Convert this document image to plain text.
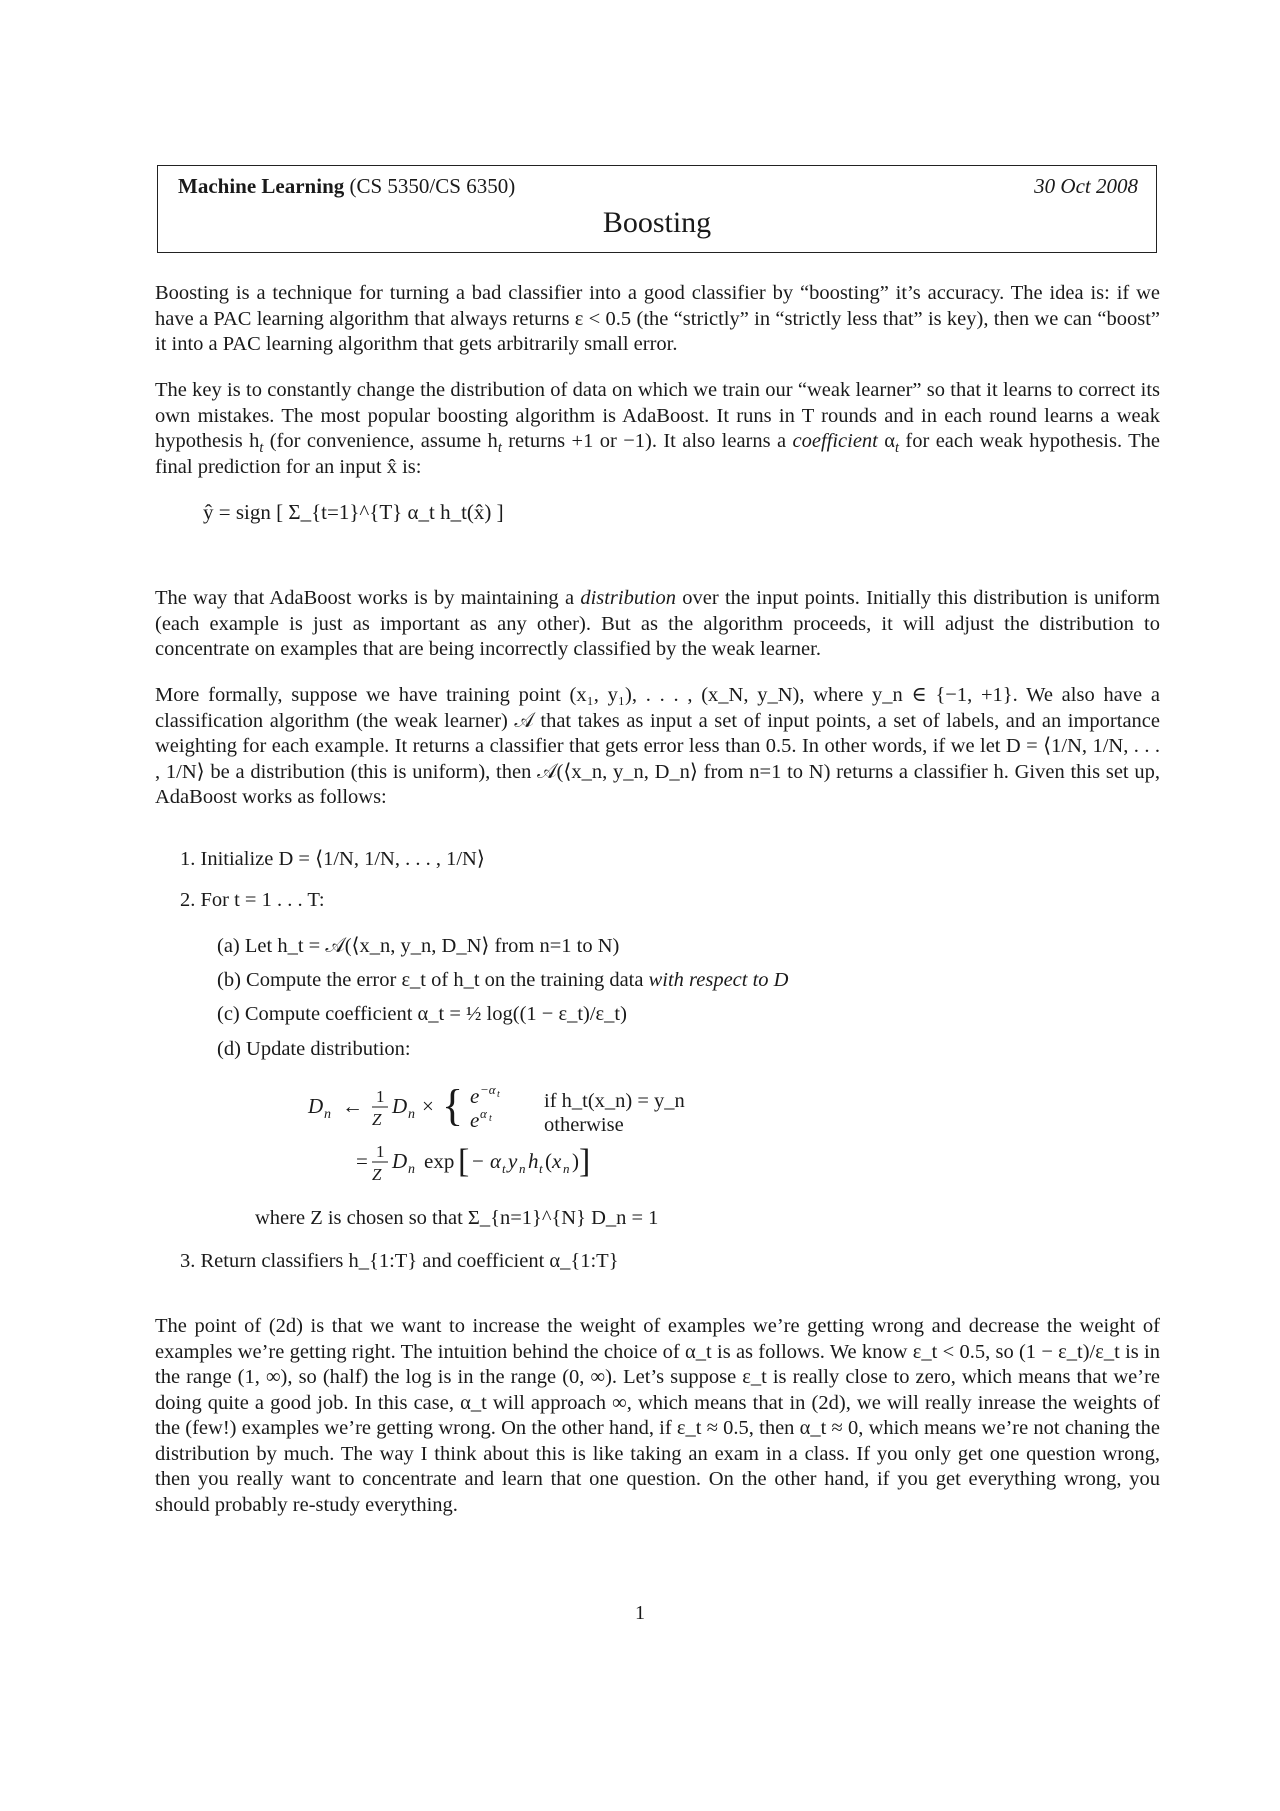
Machine Learning (CS 5350/CS 6350)	30 Oct 2008
Boosting

Boosting is a technique for turning a bad classifier into a good classifier by “boosting” it’s accuracy. The idea is: if we have a PAC learning algorithm that always returns ε < 0.5 (the “strictly” in “strictly less that” is key), then we can “boost” it into a PAC learning algorithm that gets arbitrarily small error.

The key is to constantly change the distribution of data on which we train our “weak learner” so that it learns to correct its own mistakes. The most popular boosting algorithm is AdaBoost. It runs in T rounds and in each round learns a weak hypothesis $h_t$ (for convenience, assume $h_t$ returns +1 or −1). It also learns a coefficient $\alpha_t$ for each weak hypothesis. The final prediction for an input x̂ is:

ŷ = sign [ Σ_{t=1}^{T} α_t h_t(x̂) ]

The way that AdaBoost works is by maintaining a distribution over the input points. Initially this distribution is uniform (each example is just as important as any other). But as the algorithm proceeds, it will adjust the distribution to concentrate on examples that are being incorrectly classified by the weak learner.

More formally, suppose we have training point (x₁, y₁), . . . , (x_N, y_N), where y_n ∈ {−1, +1}. We also have a classification algorithm (the weak learner) 𝒜 that takes as input a set of input points, a set of labels, and an importance weighting for each example. It returns a classifier that gets error less than 0.5. In other words, if we let D = ⟨1/N, 1/N, . . . , 1/N⟩ be a distribution (this is uniform), then 𝒜(⟨x_n, y_n, D_n⟩ from n=1 to N) returns a classifier h. Given this set up, AdaBoost works as follows:

1. Initialize D = ⟨1/N, 1/N, . . . , 1/N⟩
2. For t = 1 . . . T:
(a) Let h_t = 𝒜(⟨x_n, y_n, D_N⟩ from n=1 to N)
(b) Compute the error ε_t of h_t on the training data with respect to D
(c) Compute coefficient α_t = ½ log((1 − ε_t)/ε_t)
(d) Update distribution:
D n ← 1
Z
D n × { e −α t
e α t
= 1
Z
D n exp [ − α t y n h t ( x n ) ]
if h_t(x_n) = y_n
otherwise
where Z is chosen so that Σ_{n=1}^{N} D_n = 1
3. Return classifiers h_{1:T} and coefficient α_{1:T}

The point of (2d) is that we want to increase the weight of examples we’re getting wrong and decrease the weight of examples we’re getting right. The intuition behind the choice of α_t is as follows. We know ε_t < 0.5, so (1 − ε_t)/ε_t is in the range (1, ∞), so (half) the log is in the range (0, ∞). Let’s suppose ε_t is really close to zero, which means that we’re doing quite a good job. In this case, α_t will approach ∞, which means that in (2d), we will really inrease the weights of the (few!) examples we’re getting wrong. On the other hand, if ε_t ≈ 0.5, then α_t ≈ 0, which means we’re not chaning the distribution by much. The way I think about this is like taking an exam in a class. If you only get one question wrong, then you really want to concentrate and learn that one question. On the other hand, if you get everything wrong, you should probably re-study everything.

1
